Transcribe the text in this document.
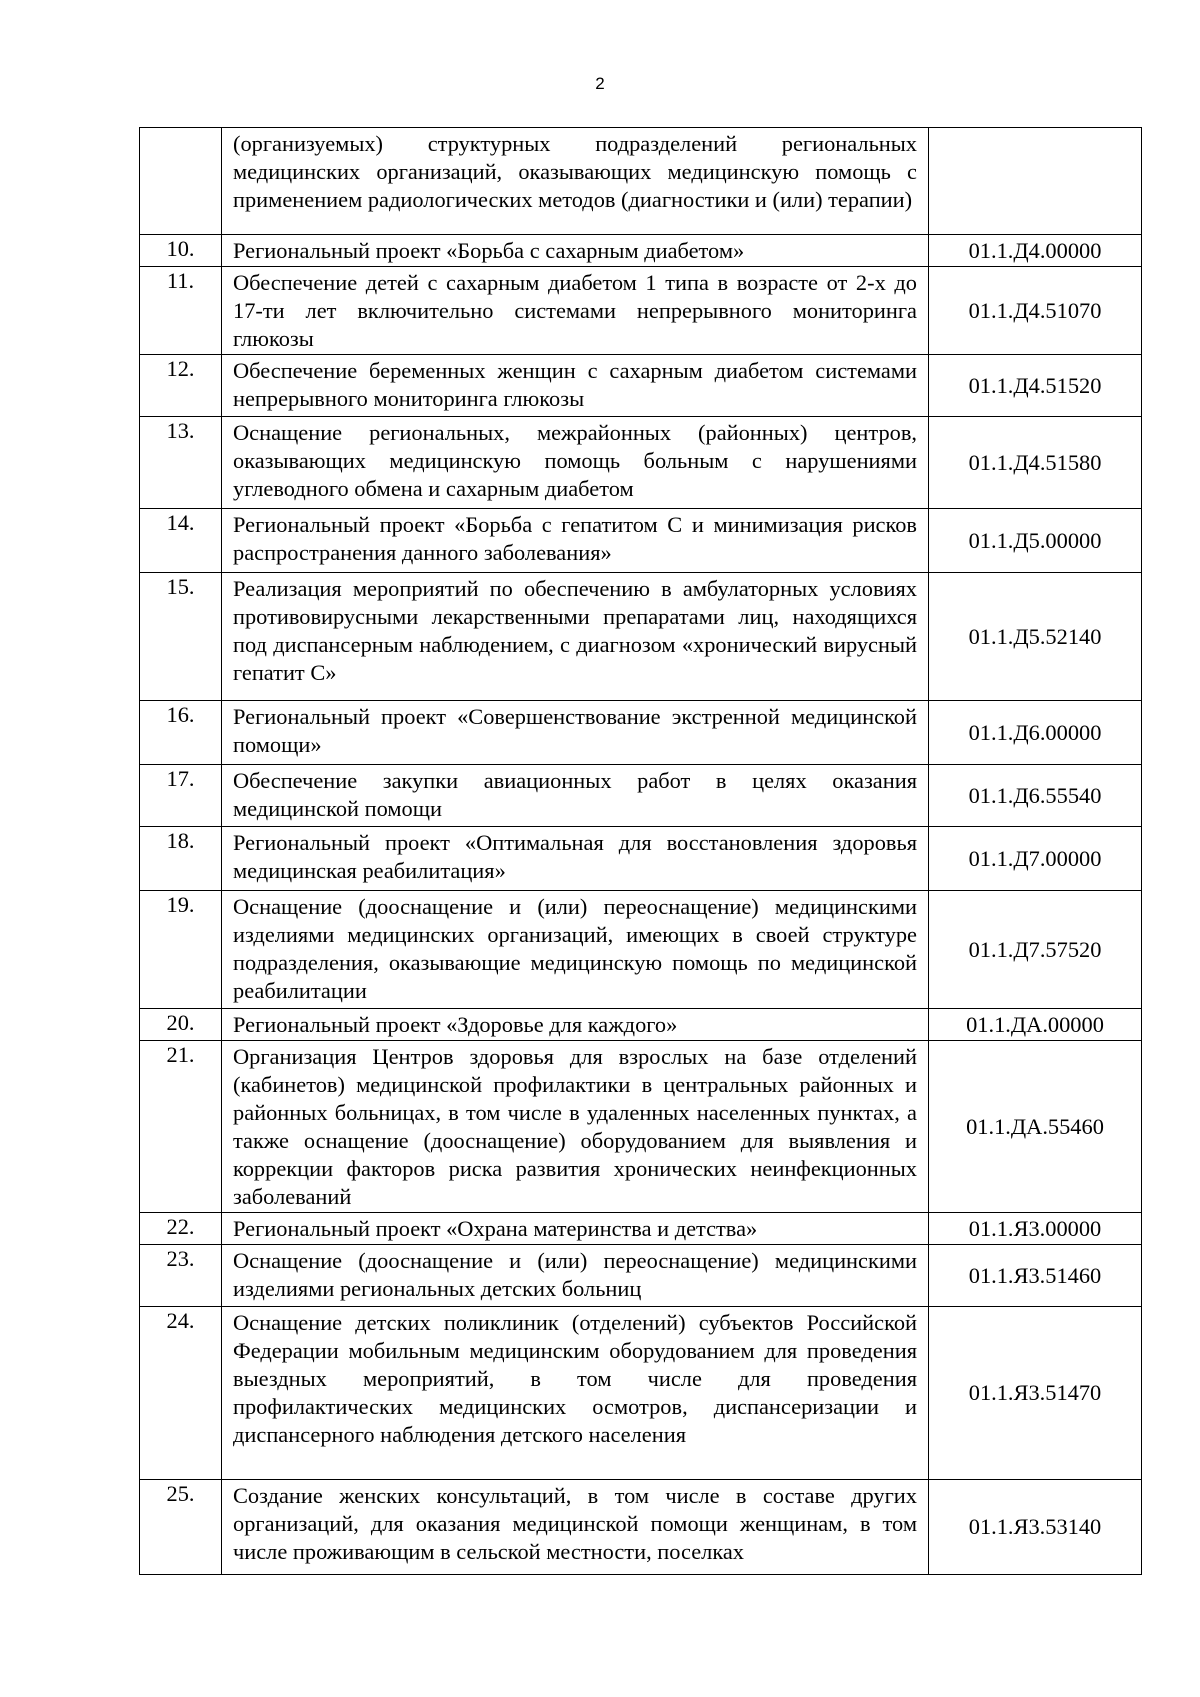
2
	(организуемых) структурных подразделений региональных медицинских организаций, оказывающих медицинскую помощь с применением радиологических методов (диагностики и (или) терапии)	
10.	Региональный проект «Борьба с сахарным диабетом»	01.1.Д4.00000
11.	Обеспечение детей с сахарным диабетом 1 типа в возрасте от 2-х до 17-ти лет включительно системами непрерывного мониторинга глюкозы	01.1.Д4.51070
12.	Обеспечение беременных женщин с сахарным диабетом системами непрерывного мониторинга глюкозы	01.1.Д4.51520
13.	Оснащение региональных, межрайонных (районных) центров, оказывающих медицинскую помощь больным с нарушениями углеводного обмена и сахарным диабетом	01.1.Д4.51580
14.	Региональный проект «Борьба с гепатитом С и минимизация рисков распространения данного заболевания»	01.1.Д5.00000
15.	Реализация мероприятий по обеспечению в амбулаторных условиях противовирусными лекарственными препаратами лиц, находящихся под диспансерным наблюдением, с диагнозом «хронический вирусный гепатит С»	01.1.Д5.52140
16.	Региональный проект «Совершенствование экстренной медицинской помощи»	01.1.Д6.00000
17.	Обеспечение закупки авиационных работ в целях оказания медицинской помощи	01.1.Д6.55540
18.	Региональный проект «Оптимальная для восстановления здоровья медицинская реабилитация»	01.1.Д7.00000
19.	Оснащение (дооснащение и (или) переоснащение) медицинскими изделиями медицинских организаций, имеющих в своей структуре подразделения, оказывающие медицинскую помощь по медицинской реабилитации	01.1.Д7.57520
20.	Региональный проект «Здоровье для каждого»	01.1.ДА.00000
21.	Организация Центров здоровья для взрослых на базе отделений (кабинетов) медицинской профилактики в центральных районных и районных больницах, в том числе в удаленных населенных пунктах, а также оснащение (дооснащение) оборудованием для выявления и коррекции факторов риска развития хронических неинфекционных заболеваний	01.1.ДА.55460
22.	Региональный проект «Охрана материнства и детства»	01.1.Я3.00000
23.	Оснащение (дооснащение и (или) переоснащение) медицинскими изделиями региональных детских больниц	01.1.Я3.51460
24.	Оснащение детских поликлиник (отделений) субъектов Российской Федерации мобильным медицинским оборудованием для проведения выездных мероприятий, в том числе для проведения профилактических медицинских осмотров, диспансеризации и диспансерного наблюдения детского населения	01.1.Я3.51470
25.	Создание женских консультаций, в том числе в составе других организаций, для оказания медицинской помощи женщинам, в том числе проживающим в сельской местности, поселках	01.1.Я3.53140
